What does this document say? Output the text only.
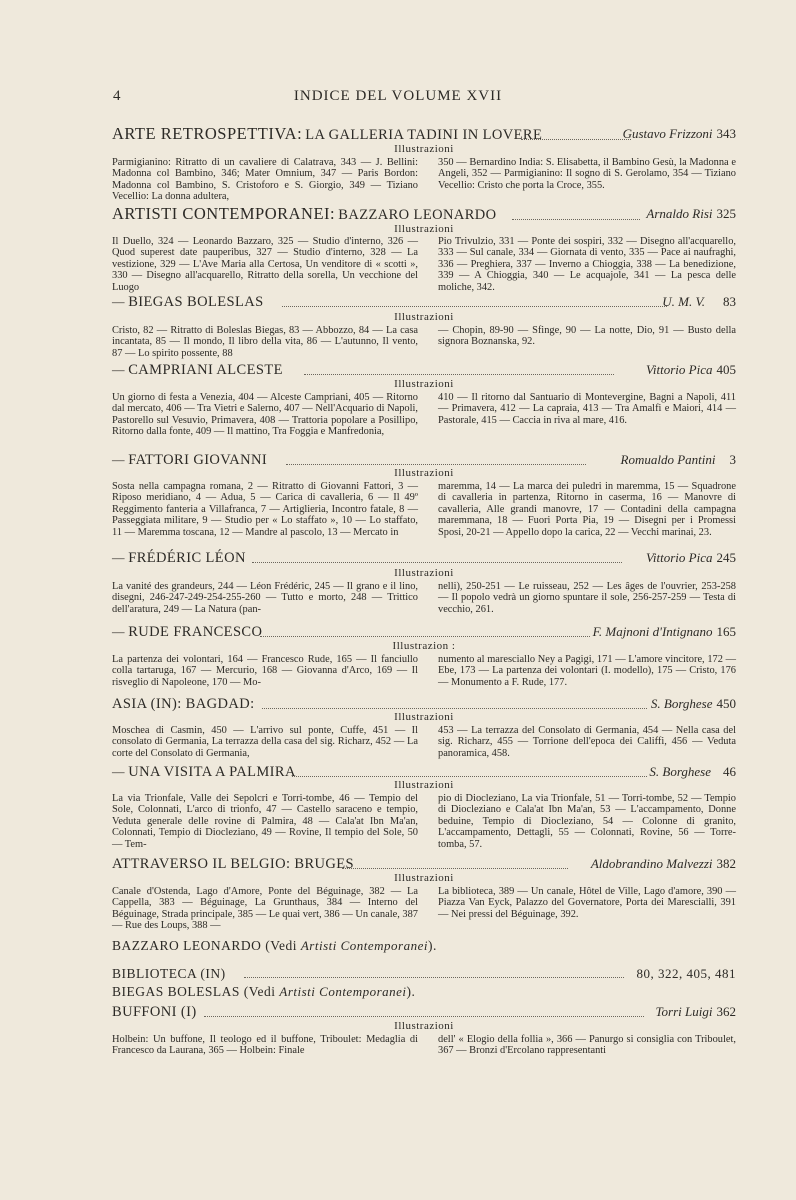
4	INDICE DEL VOLUME XVII
ARTE RETROSPETTIVA: LA GALLERIA TADINI IN LOVERE	Gustavo Frizzoni 343
Illustrazioni
Parmigianino: Ritratto di un cavaliere di Calatrava, 343 — J. Bellini: Madonna col Bambino, 346; Mater Omnium, 347 — Paris Bordon: Madonna col Bambino, S. Cristoforo e S. Giorgio, 349 — Tiziano Vecellio: La donna adultera,
350 — Bernardino India: S. Elisabetta, il Bambino Gesù, la Madonna e Angeli, 352 — Parmigianino: Il sogno di S. Gerolamo, 354 — Tiziano Vecellio: Cristo che porta la Croce, 355.
ARTISTI CONTEMPORANEI: BAZZARO LEONARDO	Arnaldo Risi 325
Illustrazioni
Il Duello, 324 — Leonardo Bazzaro, 325 — Studio d'interno, 326 — Quod superest date pauperibus, 327 — Studio d'interno, 328 — La vestizione, 329 — L'Ave Maria alla Certosa, Un venditore di « scotti », 330 — Disegno all'acquarello, Ritratto della sorella, Un vecchione del Luogo
Pio Trivulzio, 331 — Ponte dei sospiri, 332 — Disegno all'acquarello, 333 — Sul canale, 334 — Giornata di vento, 335 — Pace ai naufraghi, 336 — Preghiera, 337 — Inverno a Chioggia, 338 — La benedizione, 339 — A Chioggia, 340 — Le acquajole, 341 — La pesca delle moliche, 342.
— BIEGAS BOLESLAS	U. M. V. 83
Illustrazioni
Cristo, 82 — Ritratto di Boleslas Biegas, 83 — Abbozzo, 84 — La casa incantata, 85 — Il mondo, Il libro della vita, 86 — L'autunno, Il vento, 87 — Lo spirito possente, 88
— Chopin, 89-90 — Sfinge, 90 — La notte, Dio, 91 — Busto della signora Boznanska, 92.
— CAMPRIANI ALCESTE	Vittorio Pica 405
Illustrazioni
Un giorno di festa a Venezia, 404 — Alceste Campriani, 405 — Ritorno dal mercato, 406 — Tra Vietri e Salerno, 407 — Nell'Acquario di Napoli, Pastorello sul Vesuvio, Primavera, 408 — Trattoria popolare a Posillipo, Ritorno dalla fonte, 409 — Il mattino, Tra Foggia e Manfredonia,
410 — Il ritorno dal Santuario di Montevergine, Bagni a Napoli, 411 — Primavera, 412 — La capraia, 413 — Tra Amalfi e Maiori, 414 — Pastorale, 415 — Caccia in riva al mare, 416.
— FATTORI GIOVANNI	Romualdo Pantini 3
Illustrazioni
Sosta nella campagna romana, 2 — Ritratto di Giovanni Fattori, 3 — Riposo meridiano, 4 — Adua, 5 — Carica di cavalleria, 6 — Il 49º Reggimento fanteria a Villafranca, 7 — Artiglieria, Incontro fatale, 8 — Passeggiata militare, 9 — Studio per « Lo staffato », 10 — Lo staffato, 11 — Maremma toscana, 12 — Mandre al pascolo, 13 — Mercato in
maremma, 14 — La marca dei puledri in maremma, 15 — Squadrone di cavalleria in partenza, Ritorno in caserma, 16 — Manovre di cavalleria, Alle grandi manovre, 17 — Contadini della campagna maremmana, 18 — Fuori Porta Pia, 19 — Disegni per i Promessi Sposi, 20-21 — Appello dopo la carica, 22 — Vecchi marinai, 23.
— FRÉDÉRIC LÉON	Vittorio Pica 245
Illustrazioni
La vanité des grandeurs, 244 — Léon Frédéric, 245 — Il grano e il lino, disegni, 246-247-249-254-255-260 — Tutto e morto, 248 — Trittico dell'aratura, 249 — La Natura (pan-
nelli), 250-251 — Le ruisseau, 252 — Les âges de l'ouvrier, 253-258 — Il popolo vedrà un giorno spuntare il sole, 256-257-259 — Testa di vecchio, 261.
— RUDE FRANCESCO	F. Majnoni d'Intignano 165
Illustrazion :
La partenza dei volontari, 164 — Francesco Rude, 165 — Il fanciullo colla tartaruga, 167 — Mercurio, 168 — Giovanna d'Arco, 169 — Il risveglio di Napoleone, 170 — Mo-
numento al maresciallo Ney a Pagigi, 171 — L'amore vincitore, 172 — Ebe, 173 — La partenza dei volontari (I. modello), 175 — Cristo, 176 — Monumento a F. Rude, 177.
ASIA (IN): BAGDAD:	S. Borghese 450
Illustrazioni
Moschea di Casmin, 450 — L'arrivo sul ponte, Cuffe, 451 — Il consolato di Germania, La terrazza della casa del sig. Richarz, 452 — La corte del Consolato di Germania,
453 — La terrazza del Consolato di Germania, 454 — Nella casa del sig. Richarz, 455 — Torrione dell'epoca dei Califfi, 456 — Veduta panoramica, 458.
— UNA VISITA A PALMIRA	S. Borghese 46
Illustrazioni
La via Trionfale, Valle dei Sepolcri e Torri-tombe, 46 — Tempio del Sole, Colonnati, L'arco di trionfo, 47 — Castello saraceno e tempio, Veduta generale delle rovine di Palmira, 48 — Cala'at Ibn Ma'an, Colonnati, Tempio di Diocleziano, 49 — Rovine, Il tempio del Sole, 50 — Tem-
pio di Diocleziano, La via Trionfale, 51 — Torri-tombe, 52 — Tempio di Diocleziano e Cala'at Ibn Ma'an, 53 — L'accampamento, Donne beduine, Tempio di Diocleziano, 54 — Colonne di granito, L'accampamento, Dettagli, 55 — Colonnati, Rovine, 56 — Torre-tomba, 57.
ATTRAVERSO IL BELGIO: BRUGES	Aldobrandino Malvezzi 382
Illustrazioni
Canale d'Ostenda, Lago d'Amore, Ponte del Béguinage, 382 — La Cappella, 383 — Béguinage, La Grunthaus, 384 — Interno del Béguinage, Strada principale, 385 — Le quai vert, 386 — Un canale, 387 — Rue des Loups, 388 —
La biblioteca, 389 — Un canale, Hôtel de Ville, Lago d'amore, 390 — Piazza Van Eyck, Palazzo del Governatore, Porta dei Marescialli, 391 — Nei pressi del Béguinage, 392.
BAZZARO LEONARDO (Vedi Artisti Contemporanei).
BIBLIOTECA (IN)	80, 322, 405, 481
BIEGAS BOLESLAS (Vedi Artisti Contemporanei).
BUFFONI (I)	Torri Luigi 362
Illustrazioni
Holbein: Un buffone, Il teologo ed il buffone, Triboulet: Medaglia di Francesco da Laurana, 365 — Holbein: Finale
dell' « Elogio della follia », 366 — Panurgo si consiglia con Triboulet, 367 — Bronzi d'Ercolano rappresentanti
